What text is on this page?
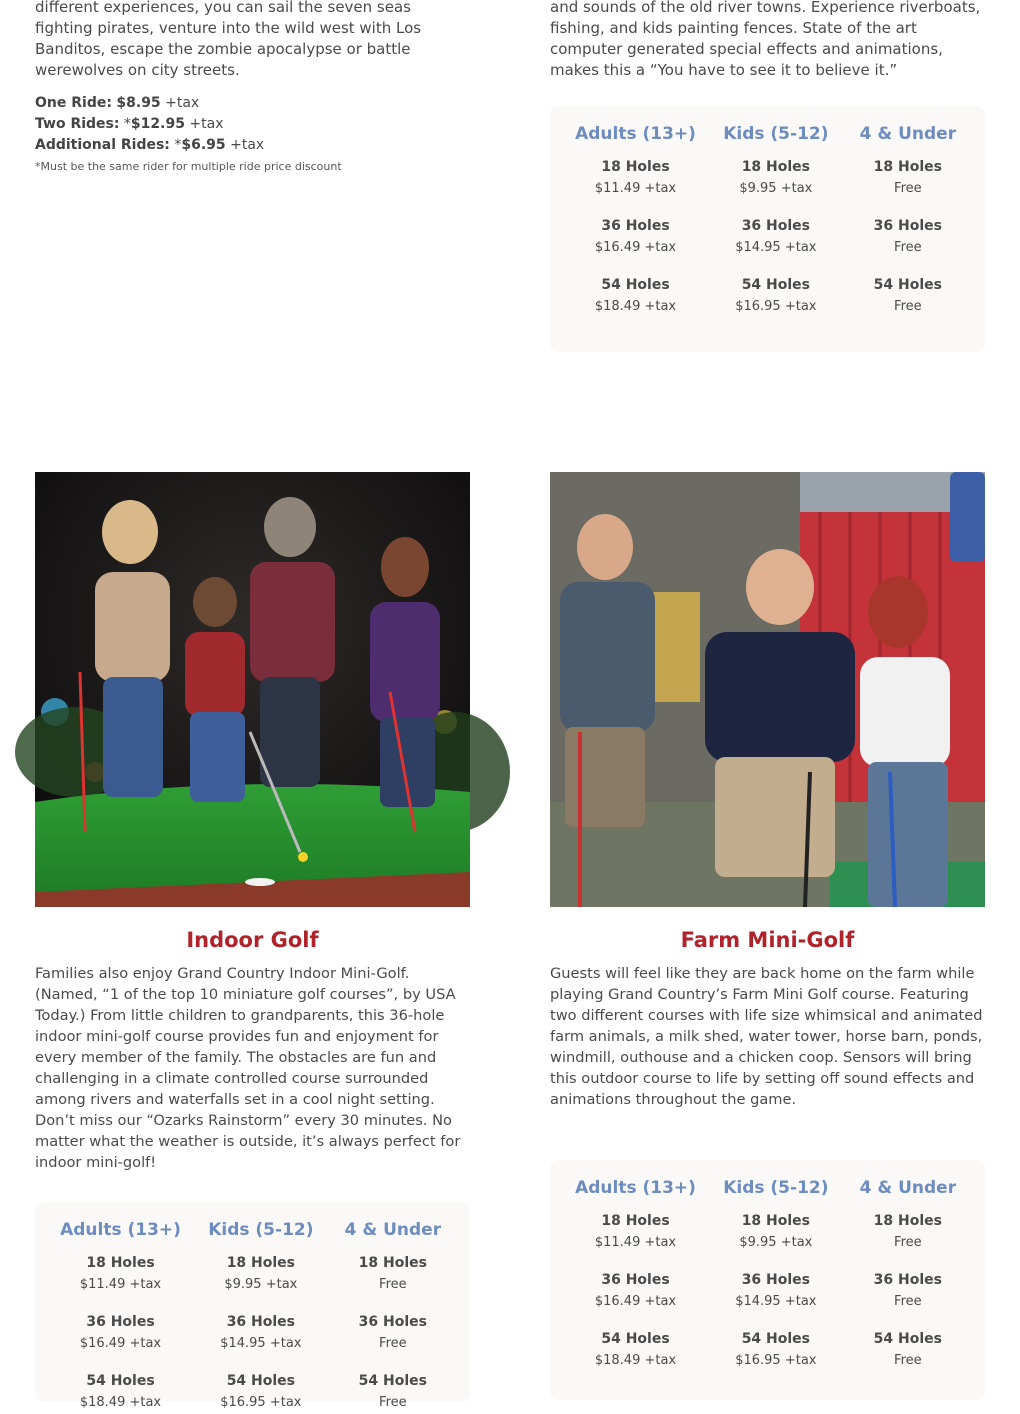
different experiences, you can sail the seven seas fighting pirates, venture into the wild west with Los Banditos, escape the zombie apocalypse or battle werewolves on city streets.

One Ride: $8.95 +tax
Two Rides: *$12.95 +tax
Additional Rides: *$6.95 +tax
*Must be the same rider for multiple ride price discount

and sounds of the old river towns. Experience riverboats, fishing, and kids painting fences. State of the art computer generated special effects and animations, makes this a “You have to see it to believe it.”

Adults (13+)
18 Holes
$11.49 +tax
36 Holes
$16.49 +tax
54 Holes
$18.49 +tax
Kids (5-12)
18 Holes
$9.95 +tax
36 Holes
$14.95 +tax
54 Holes
$16.95 +tax
4 & Under
18 Holes
Free
36 Holes
Free
54 Holes
Free
Indoor Golf
Families also enjoy Grand Country Indoor Mini-Golf. (Named, “1 of the top 10 miniature golf courses”, by USA Today.) From little children to grandparents, this 36-hole indoor mini-golf course provides fun and enjoyment for every member of the family. The obstacles are fun and challenging in a climate controlled course surrounded among rivers and waterfalls set in a cool night setting. Don’t miss our “Ozarks Rainstorm” every 30 minutes. No matter what the weather is outside, it’s always perfect for indoor mini-golf!
Farm Mini-Golf
Guests will feel like they are back home on the farm while playing Grand Country’s Farm Mini Golf course. Featuring two different courses with life size whimsical and animated farm animals, a milk shed, water tower, horse barn, ponds, windmill, outhouse and a chicken coop. Sensors will bring this outdoor course to life by setting off sound effects and animations throughout the game.
Adults (13+)
18 Holes
$11.49 +tax
36 Holes
$16.49 +tax
54 Holes
$18.49 +tax
Kids (5-12)
18 Holes
$9.95 +tax
36 Holes
$14.95 +tax
54 Holes
$16.95 +tax
4 & Under
18 Holes
Free
36 Holes
Free
54 Holes
Free
Adults (13+)
18 Holes
$11.49 +tax
36 Holes
$16.49 +tax
54 Holes
$18.49 +tax
Kids (5-12)
18 Holes
$9.95 +tax
36 Holes
$14.95 +tax
54 Holes
$16.95 +tax
4 & Under
18 Holes
Free
36 Holes
Free
54 Holes
Free
